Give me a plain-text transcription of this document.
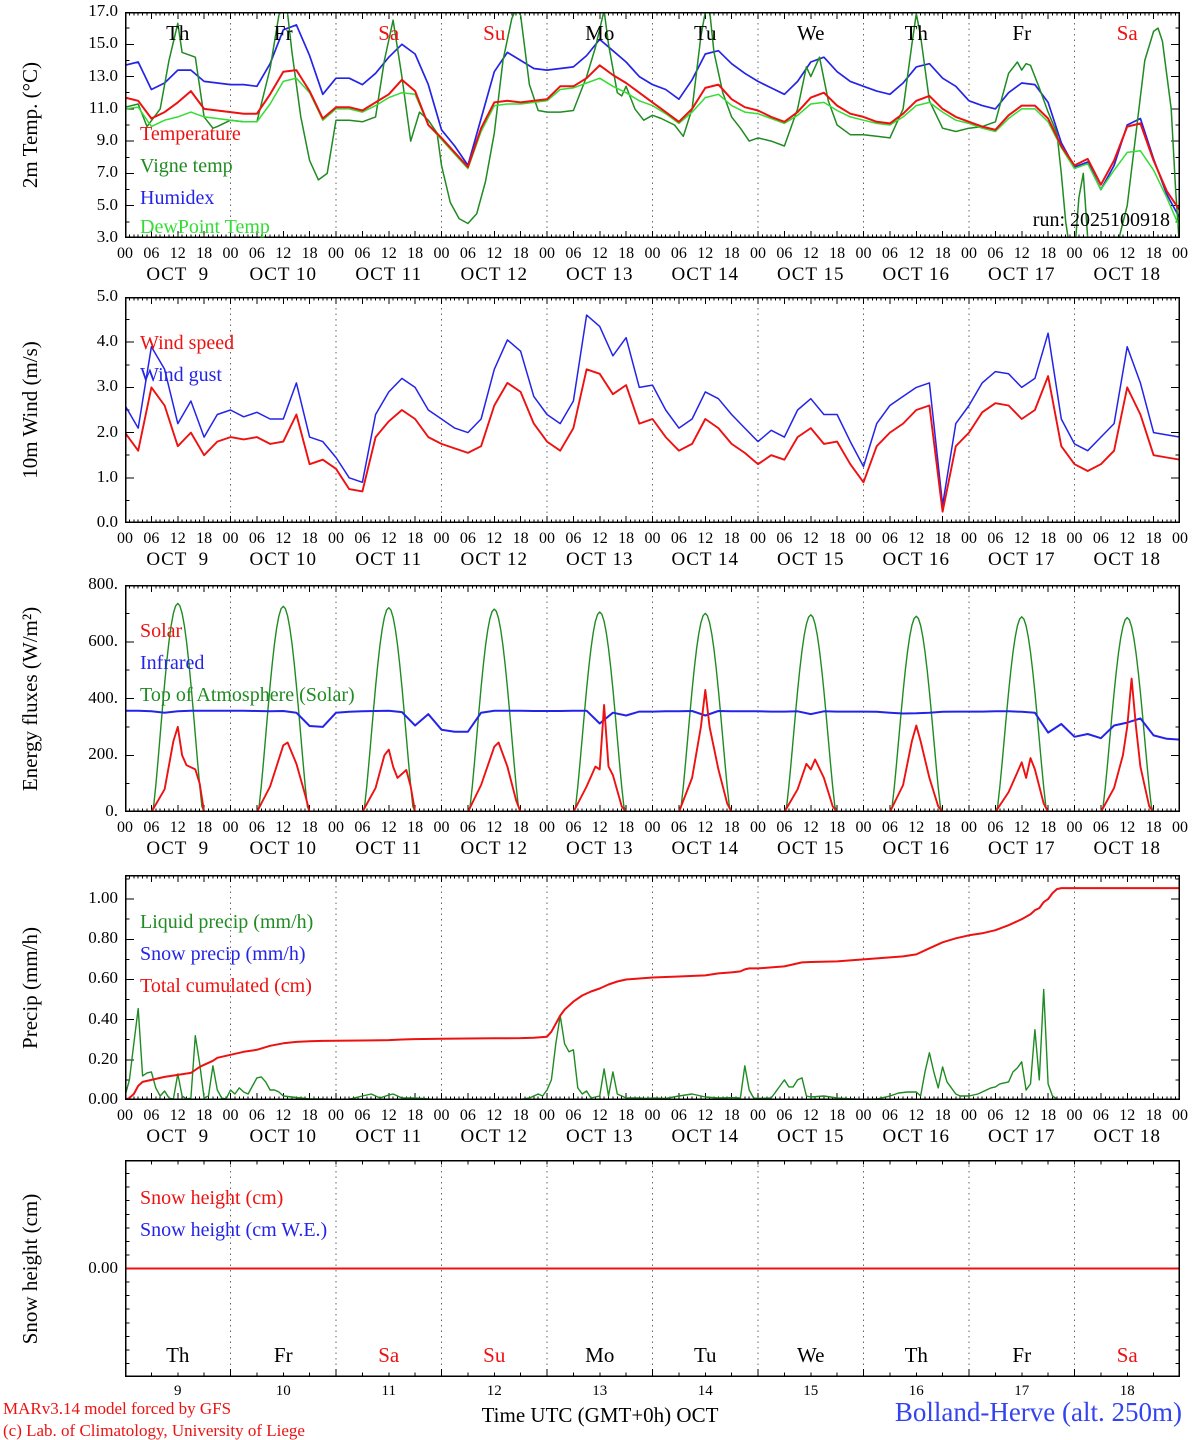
17.0
15.0
13.0
11.0
9.0
7.0
5.0
3.0
2m Temp. (°C)	Temperature
Vigne temp
Humidex
DewPoint Temp
00 06 12 18 00 06 12 18 00 06 12 18 00 06 12 18 00 06 12 18 00 06 12 18 00 06 12 18 00 06 12 18 00 06 12 18 00 06 12 18 00
OCT  9	OCT 10	OCT 11	OCT 12	OCT 13	OCT 14	OCT 15	OCT 16	OCT 17	OCT 18
Th	Fr	Sa	Su	Mo	Tu	We	Th	Fr	Sa
run: 2025100918
5.0
4.0
3.0
2.0
1.0
0.0
10m Wind (m/s)	Wind speed
Wind gust
00 06 12 18 00 06 12 18 00 06 12 18 00 06 12 18 00 06 12 18 00 06 12 18 00 06 12 18 00 06 12 18 00 06 12 18 00 06 12 18 00
OCT  9	OCT 10	OCT 11	OCT 12	OCT 13	OCT 14	OCT 15	OCT 16	OCT 17	OCT 18
800.
600.
400.
200.
0.
Energy fluxes (W/m²)	Solar
Infrared
Top of Atmosphere (Solar)
00 06 12 18 00 06 12 18 00 06 12 18 00 06 12 18 00 06 12 18 00 06 12 18 00 06 12 18 00 06 12 18 00 06 12 18 00 06 12 18 00
OCT  9	OCT 10	OCT 11	OCT 12	OCT 13	OCT 14	OCT 15	OCT 16	OCT 17	OCT 18
1.00
0.80
0.60
0.40
0.20
0.00
Precip (mm/h)
Liquid precip (mm/h)
Snow precip (mm/h)
Total cumulated (cm)
00 06 12 18 00 06 12 18 00 06 12 18 00 06 12 18 00 06 12 18 00 06 12 18 00 06 12 18 00 06 12 18 00 06 12 18 00 06 12 18 00
OCT  9	OCT 10	OCT 11	OCT 12	OCT 13	OCT 14	OCT 15	OCT 16	OCT 17	OCT 18
0.00
Snow height (cm)	Snow height (cm)
Snow height (cm W.E.)
Th	Fr	Sa	Su	Mo	Tu	We	Th	Fr	Sa
9	10	11	12	13	14	15	16	17	18
MARv3.14 model forced by GFS
(c) Lab. of Climatology, University of Liege
Time UTC (GMT+0h) OCT	Bolland-Herve (alt. 250m)
